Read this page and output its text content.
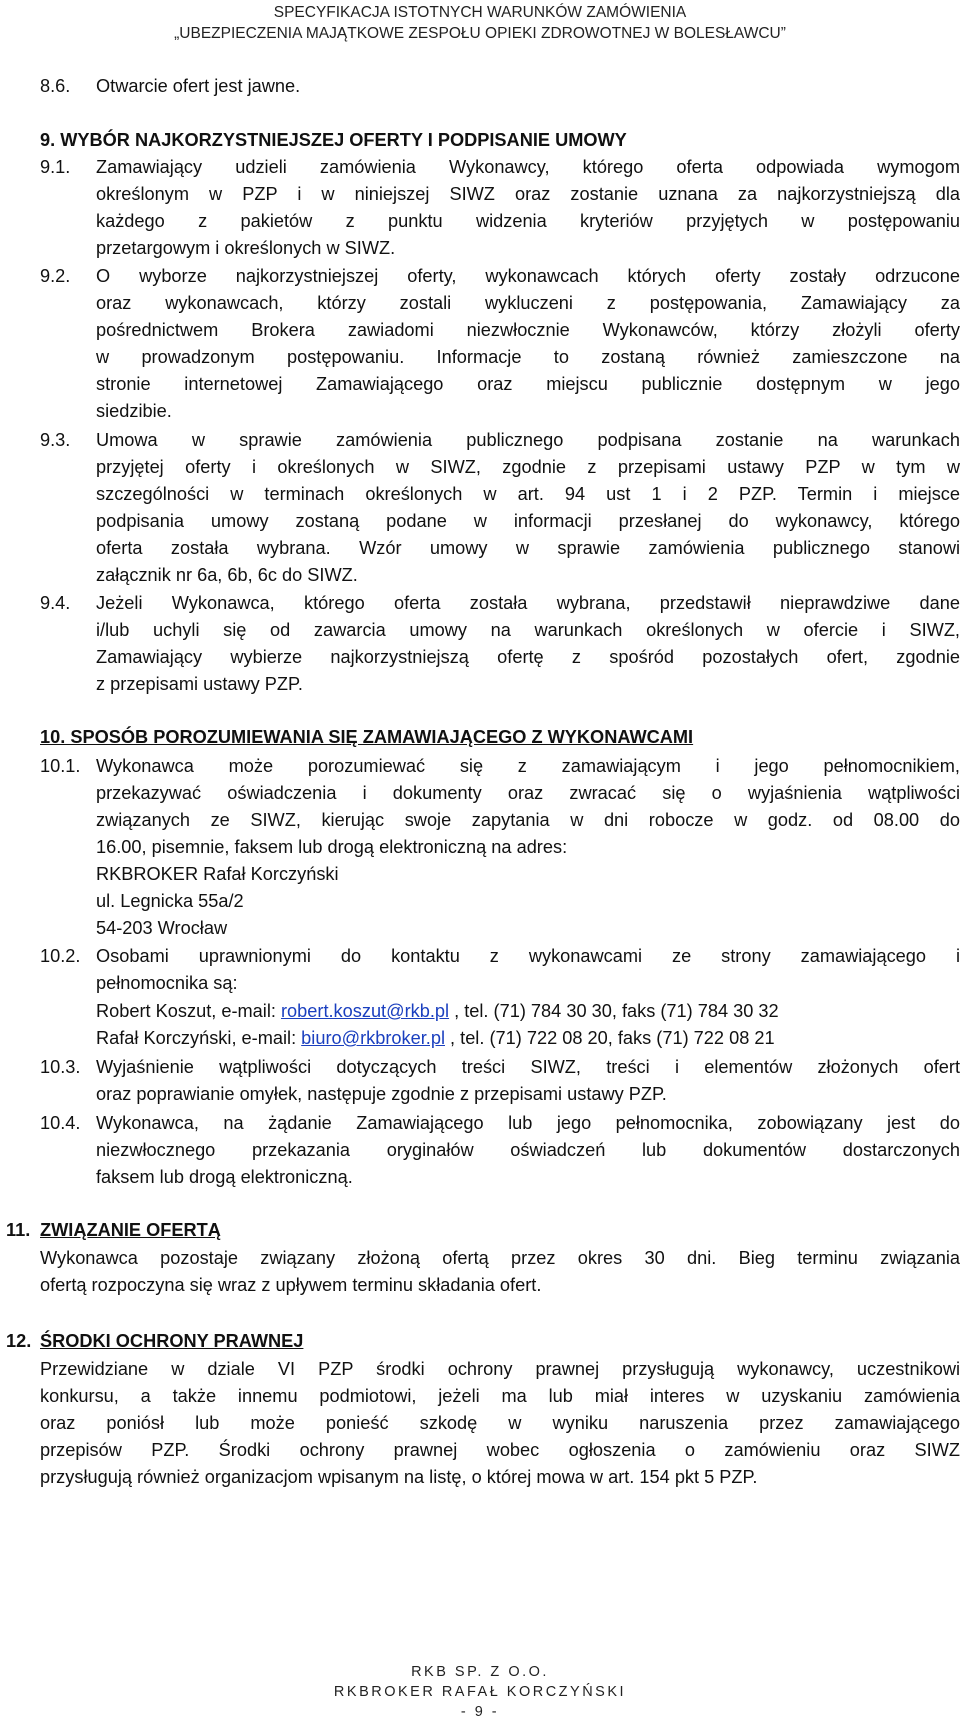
SPECYFIKACJA ISTOTNYCH WARUNKÓW ZAMÓWIENIA
„UBEZPIECZENIA MAJĄTKOWE ZESPOŁU OPIEKI ZDROWOTNEJ W BOLESŁAWCU”
8.6. Otwarcie ofert jest jawne.
9. WYBÓR NAJKORZYSTNIEJSZEJ OFERTY I PODPISANIE UMOWY
9.1. Zamawiający udzieli zamówienia Wykonawcy, którego oferta odpowiada wymogom
określonym w PZP i w niniejszej SIWZ oraz zostanie uznana za najkorzystniejszą dla
każdego z pakietów z punktu widzenia kryteriów przyjętych w postępowaniu
przetargowym i określonych w SIWZ.
9.2. O wyborze najkorzystniejszej oferty, wykonawcach których oferty zostały odrzucone
oraz wykonawcach, którzy zostali wykluczeni z postępowania, Zamawiający za
pośrednictwem Brokera zawiadomi niezwłocznie Wykonawców, którzy złożyli oferty
w prowadzonym postępowaniu. Informacje to zostaną również zamieszczone na
stronie internetowej Zamawiającego oraz miejscu publicznie dostępnym w jego
siedzibie.
9.3. Umowa w sprawie zamówienia publicznego podpisana zostanie na warunkach
przyjętej oferty i określonych w SIWZ, zgodnie z przepisami ustawy PZP w tym w
szczególności w terminach określonych w art. 94 ust 1 i 2 PZP. Termin i miejsce
podpisania umowy zostaną podane w informacji przesłanej do wykonawcy, którego
oferta została wybrana. Wzór umowy w sprawie zamówienia publicznego stanowi
załącznik nr 6a, 6b, 6c do SIWZ.
9.4. Jeżeli Wykonawca, którego oferta została wybrana, przedstawił nieprawdziwe dane
i/lub uchyli się od zawarcia umowy na warunkach określonych w ofercie i SIWZ,
Zamawiający wybierze najkorzystniejszą ofertę z spośród pozostałych ofert, zgodnie
z przepisami ustawy PZP.
10. SPOSÓB POROZUMIEWANIA SIĘ ZAMAWIAJĄCEGO Z WYKONAWCAMI
10.1. Wykonawca może porozumiewać się z zamawiającym i jego pełnomocnikiem,
przekazywać oświadczenia i dokumenty oraz zwracać się o wyjaśnienia wątpliwości
związanych ze SIWZ, kierując swoje zapytania w dni robocze w godz. od 08.00 do
16.00, pisemnie, faksem lub drogą elektroniczną na adres:
RKBROKER Rafał Korczyński
ul. Legnicka 55a/2
54-203 Wrocław
10.2. Osobami uprawnionymi do kontaktu z wykonawcami ze strony zamawiającego i
pełnomocnika są:
Robert Koszut, e-mail: robert.koszut@rkb.pl , tel. (71) 784 30 30, faks (71) 784 30 32
Rafał Korczyński, e-mail: biuro@rkbroker.pl , tel. (71) 722 08 20, faks (71) 722 08 21
10.3. Wyjaśnienie wątpliwości dotyczących treści SIWZ, treści i elementów złożonych ofert
oraz poprawianie omyłek, następuje zgodnie z przepisami ustawy PZP.
10.4. Wykonawca, na żądanie Zamawiającego lub jego pełnomocnika, zobowiązany jest do
niezwłocznego przekazania oryginałów oświadczeń lub dokumentów dostarczonych
faksem lub drogą elektroniczną.
11. ZWIĄZANIE OFERTĄ
Wykonawca pozostaje związany złożoną ofertą przez okres 30 dni. Bieg terminu związania
ofertą rozpoczyna się wraz z upływem terminu składania ofert.
12. ŚRODKI OCHRONY PRAWNEJ
Przewidziane w dziale VI PZP środki ochrony prawnej przysługują wykonawcy, uczestnikowi
konkursu, a także innemu podmiotowi, jeżeli ma lub miał interes w uzyskaniu zamówienia
oraz poniósł lub może ponieść szkodę w wyniku naruszenia przez zamawiającego
przepisów PZP. Środki ochrony prawnej wobec ogłoszenia o zamówieniu oraz SIWZ
przysługują również organizacjom wpisanym na listę, o której mowa w art. 154 pkt 5 PZP.
RKB SP. Z O.O.
RKBROKER RAFAŁ KORCZYŃSKI
- 9 -
